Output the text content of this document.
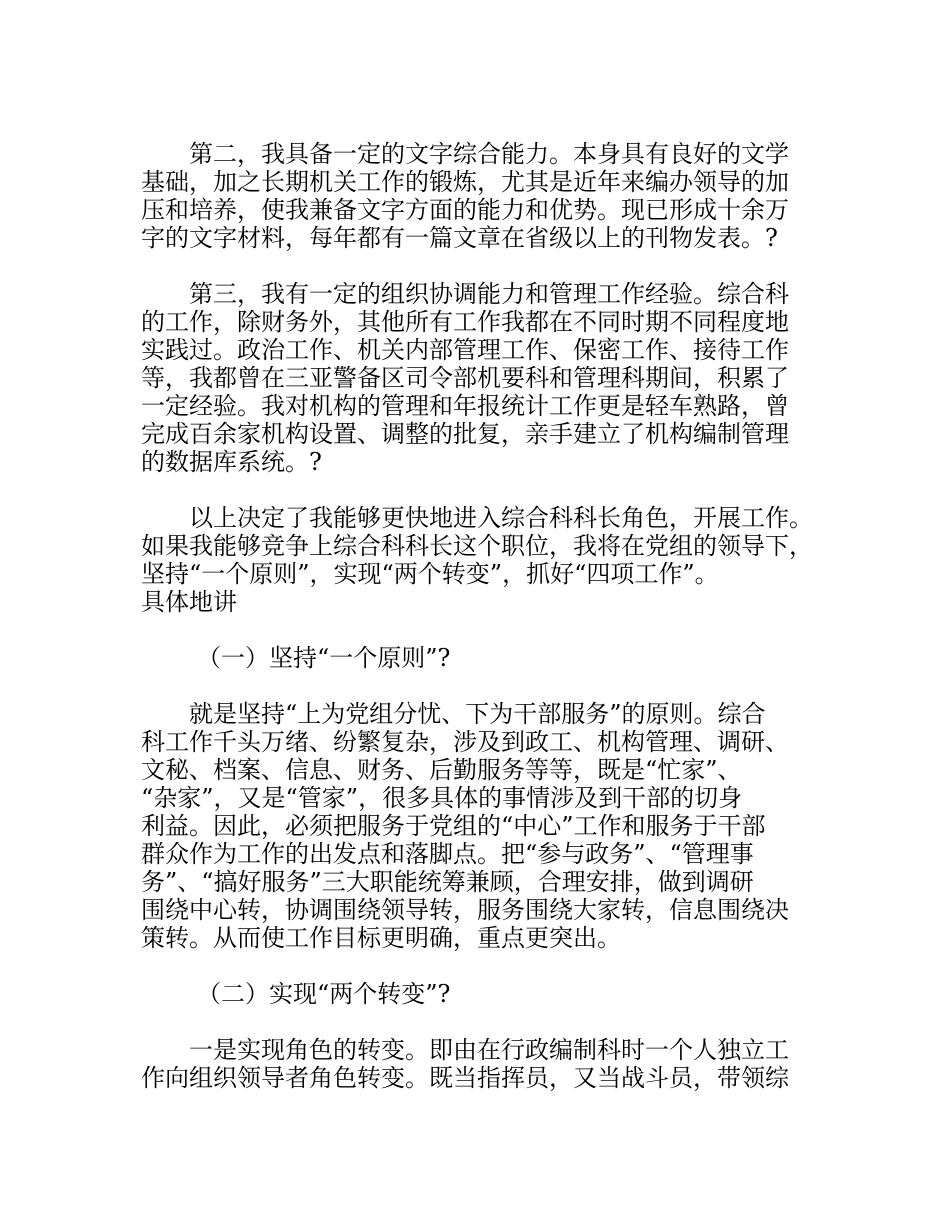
第二，我具备一定的文字综合能力。本身具有良好的文学
基础，加之长期机关工作的锻炼，尤其是近年来编办领导的加
压和培养，使我兼备文字方面的能力和优势。现已形成十余万
字的文字材料，每年都有一篇文章在省级以上的刊物发表。?

第三，我有一定的组织协调能力和管理工作经验。综合科
的工作，除财务外，其他所有工作我都在不同时期不同程度地
实践过。政治工作、机关内部管理工作、保密工作、接待工作
等，我都曾在三亚警备区司令部机要科和管理科期间，积累了
一定经验。我对机构的管理和年报统计工作更是轻车熟路，曾
完成百余家机构设置、调整的批复，亲手建立了机构编制管理
的数据库系统。?

以上决定了我能够更快地进入综合科科长角色，开展工作。
如果我能够竞争上综合科科长这个职位，我将在党组的领导下，
坚持“一个原则”，实现“两个转变”，抓好“四项工作”。
具体地讲

（一）坚持“一个原则”?

就是坚持“上为党组分忧、下为干部服务”的原则。综合
科工作千头万绪、纷繁复杂，涉及到政工、机构管理、调研、
文秘、档案、信息、财务、后勤服务等等，既是“忙家”、
“杂家”，又是“管家”，很多具体的事情涉及到干部的切身
利益。因此，必须把服务于党组的“中心”工作和服务于干部
群众作为工作的出发点和落脚点。把“参与政务”、“管理事
务”、“搞好服务”三大职能统筹兼顾，合理安排，做到调研
围绕中心转，协调围绕领导转，服务围绕大家转，信息围绕决
策转。从而使工作目标更明确，重点更突出。

（二）实现“两个转变”?

一是实现角色的转变。即由在行政编制科时一个人独立工
作向组织领导者角色转变。既当指挥员，又当战斗员，带领综
